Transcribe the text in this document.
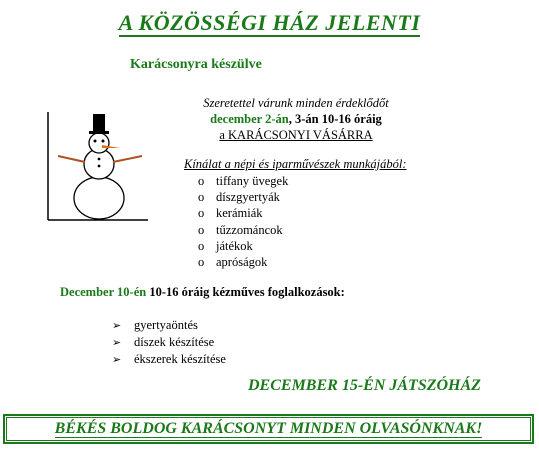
A KÖZÖSSÉGI HÁZ JELENTI
Karácsonyra készülve
Szeretettel várunk minden érdeklődőt
december 2-án, 3-án 10-16 óráig
a KARÁCSONYI VÁSÁRRA
Kínálat a népi és iparművészek munkájából:
o tiffany üvegek
o díszgyertyák
o kerámiák
o tűzzománcok
o játékok
o apróságok
December 10-én 10-16 óráig kézműves foglalkozások:
➢ gyertyaöntés
➢ díszek készítése
➢ ékszerek készítése
DECEMBER 15-ÉN JÁTSZÓHÁZ
BÉKÉS BOLDOG KARÁCSONYT MINDEN OLVASÓNKNAK!
